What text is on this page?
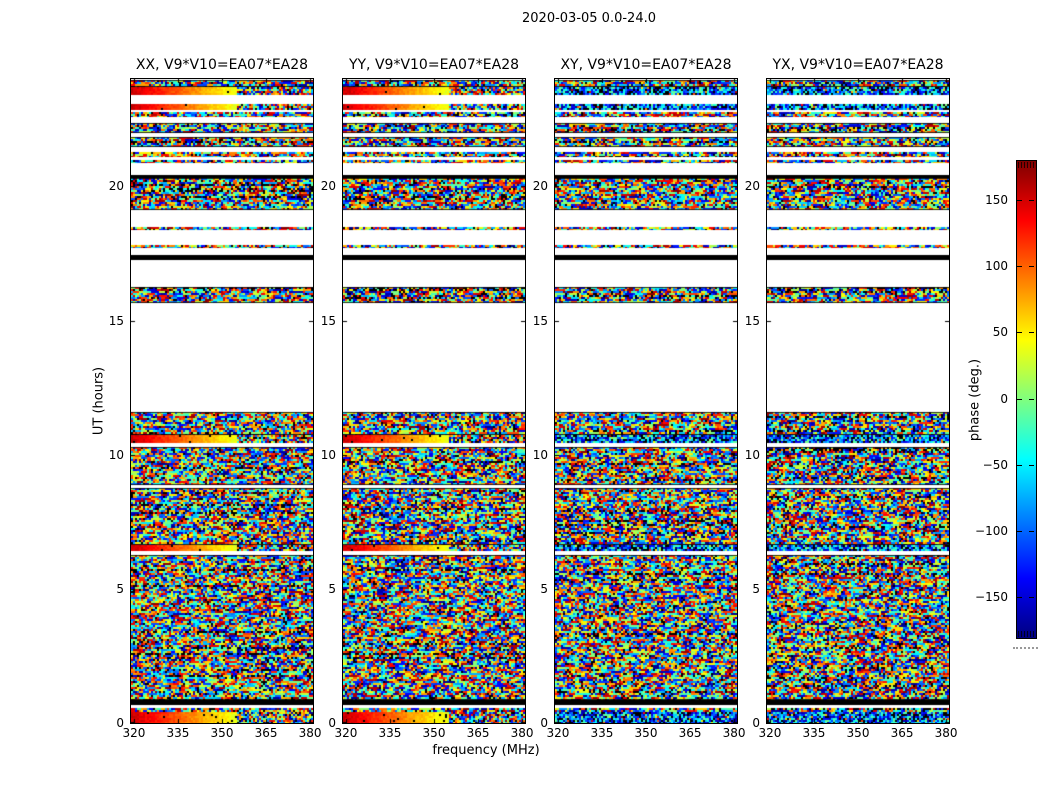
2020-03-05 0.0-24.0
UT (hours)
frequency (MHz)
phase (deg.)
XX, V9*V10=EA07*EA28
320 335 350 365 380
0
5
10
15
20
YY, V9*V10=EA07*EA28
320 335 350 365 380
0
5
10
15
20
XY, V9*V10=EA07*EA28
320 335 350 365 380
0
5
10
15
20
YX, V9*V10=EA07*EA28
320 335 350 365 380
0
5
10
15
20
150
100
50
0
−50
−100
−150
